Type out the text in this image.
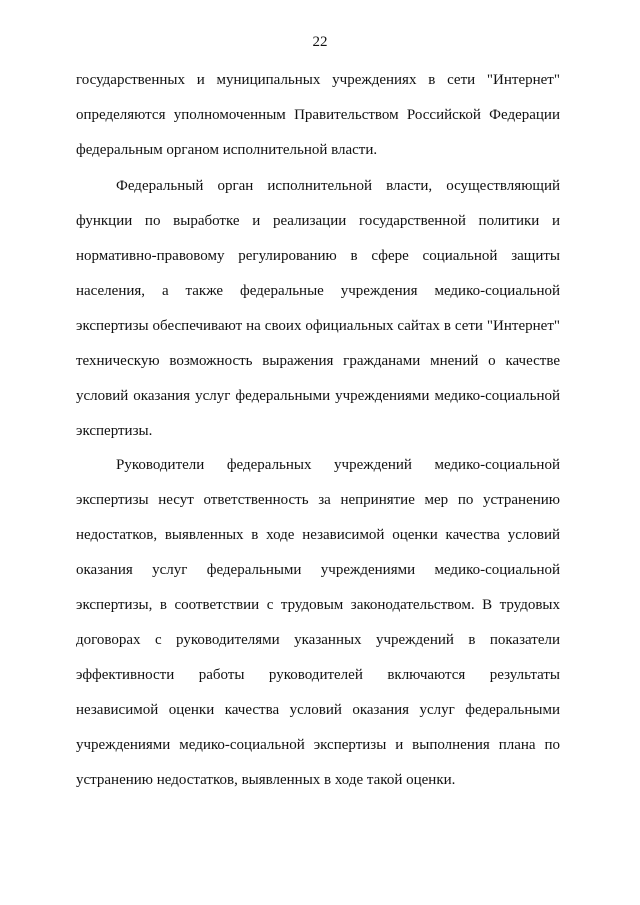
22
государственных и муниципальных учреждениях в сети "Интернет"
определяются уполномоченным Правительством Российской Федерации
федеральным органом исполнительной власти.
Федеральный орган исполнительной власти, осуществляющий
функции по выработке и реализации государственной политики и
нормативно-правовому регулированию в сфере социальной защиты
населения, а также федеральные учреждения медико-социальной
экспертизы обеспечивают на своих официальных сайтах в сети "Интернет"
техническую возможность выражения гражданами мнений о качестве
условий оказания услуг федеральными учреждениями медико-социальной
экспертизы.
Руководители федеральных учреждений медико-социальной
экспертизы несут ответственность за непринятие мер по устранению
недостатков, выявленных в ходе независимой оценки качества условий
оказания услуг федеральными учреждениями медико-социальной
экспертизы, в соответствии с трудовым законодательством. В трудовых
договорах с руководителями указанных учреждений в показатели
эффективности работы руководителей включаются результаты
независимой оценки качества условий оказания услуг федеральными
учреждениями медико-социальной экспертизы и выполнения плана по
устранению недостатков, выявленных в ходе такой оценки.
